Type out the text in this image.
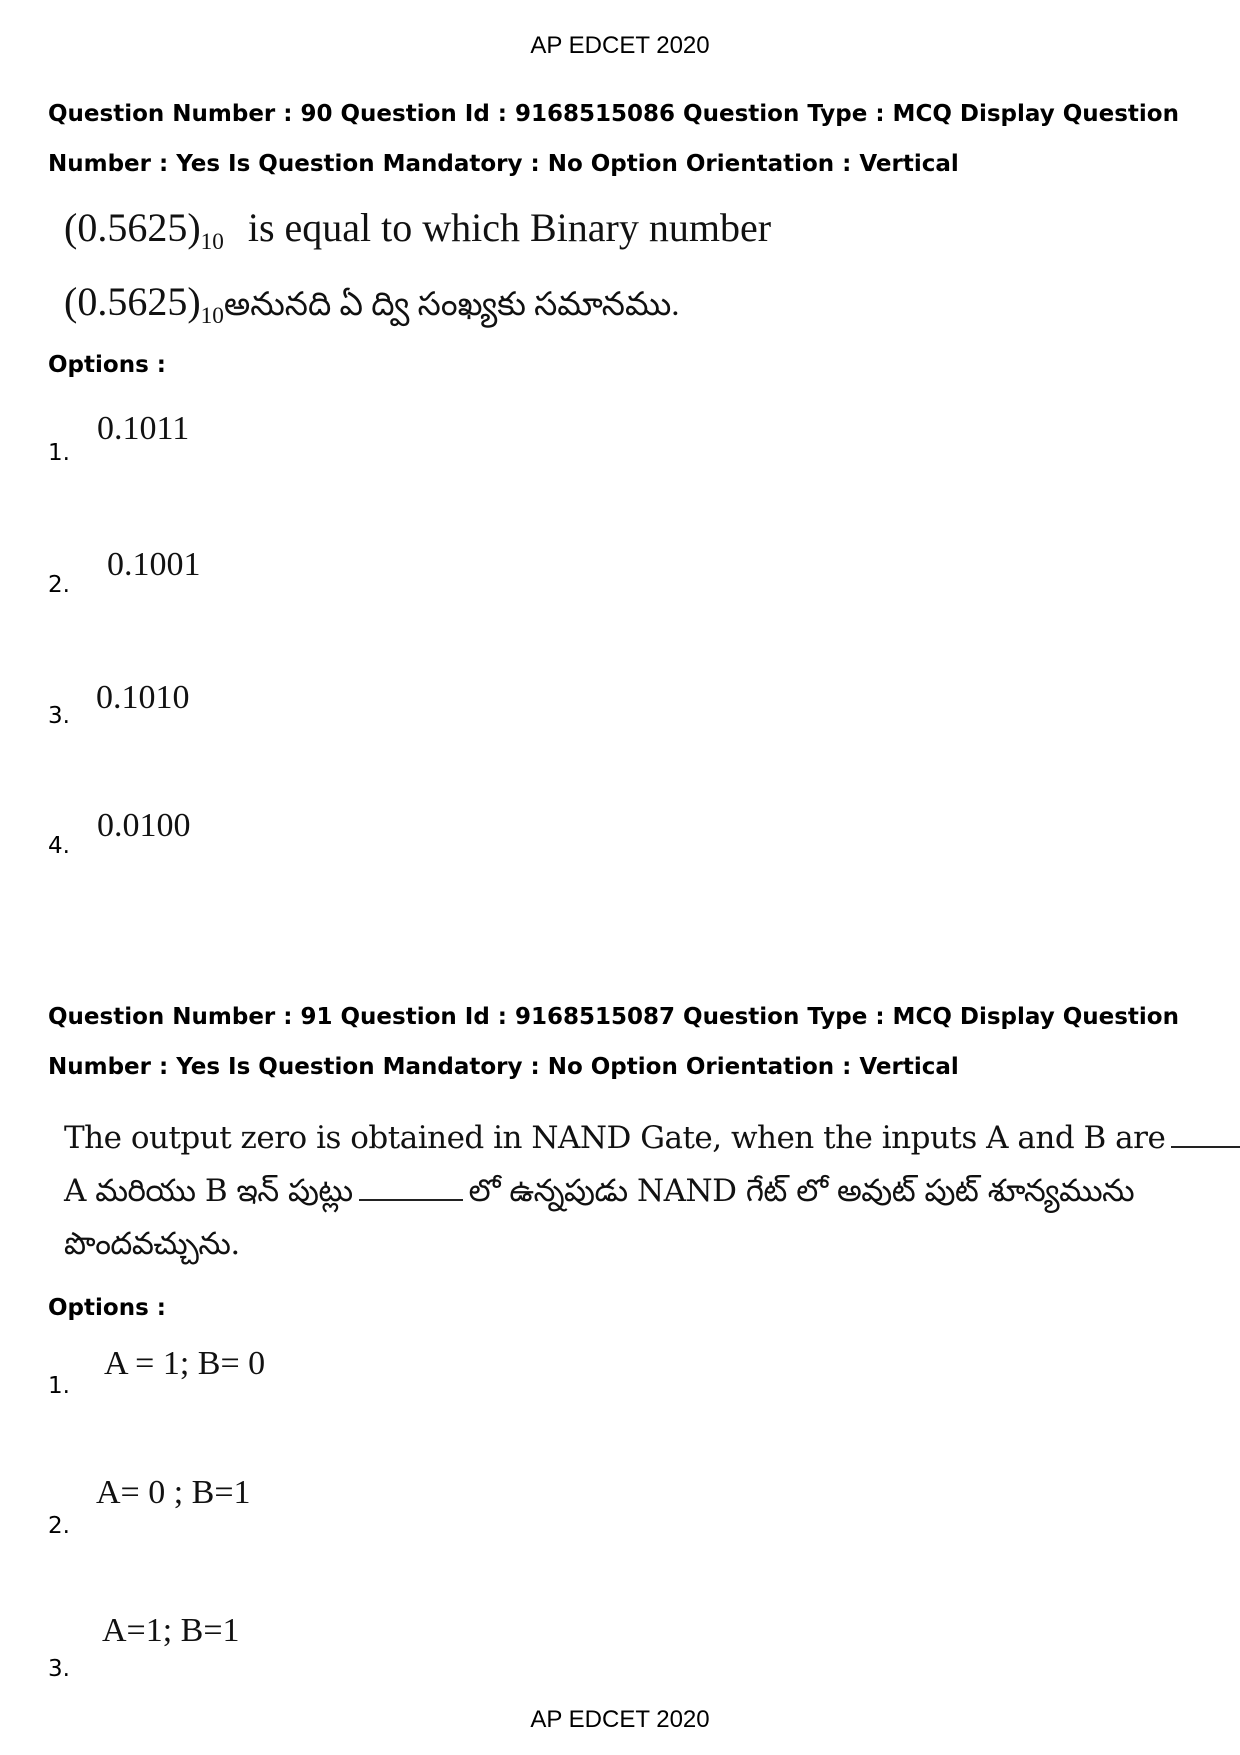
AP EDCET 2020

Question Number : 90 Question Id : 9168515086 Question Type : MCQ Display Question Number : Yes Is Question Mandatory : No Option Orientation : Vertical

$(0.5625)_{10}$ is equal to which Binary number
$(0.5625)_{10}అనునది$ ఏ ద్వి సంఖ్యకు సమానము.
Options :
1.
0.1011
2.
0.1001
3. 0.1010
4.
0.0100

Question Number : 91 Question Id : 9168515087 Question Type : MCQ Display Question Number : Yes Is Question Mandatory : No Option Orientation : Vertical

The output zero is obtained in NAND Gate, when the inputs A and B are
A మరియు B ఇన్ పుట్లు	లో ఉన్నపుడు NAND గేట్ లో అవుట్ పుట్ శూన్యమును
పొందవచ్చును.
Options :
1.
A = 1; B= 0
2.
A= 0 ; B=1
3.
A=1; B=1
AP EDCET 2020
